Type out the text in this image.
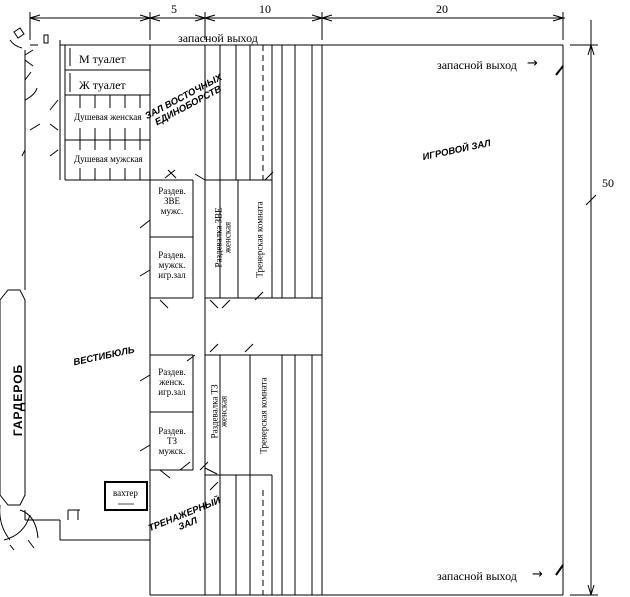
5	10	20
50
запасной выход
запасной выход →
запасной выход →
М туалет
Ж туалет
Душевая женская
Душевая мужская
ЗАЛ ВОСТОЧНЫХ ЕДИНОБОРСТВ
ИГРОВОЙ ЗАЛ
ВЕСТИБЮЛЬ
ГАРДЕРОБ
ТРЕНАЖЕРНЫЙ ЗАЛ
вахтер
Раздев. ЗВЕ мужс.
Раздев. мужск. игр.зал
Раздев. женск. игр.зал
Раздев. ТЗ мужск.
Раздевалка ЗВЕ женская Тренерская комната
Раздевалка ТЗ женская	Тренерская комната
